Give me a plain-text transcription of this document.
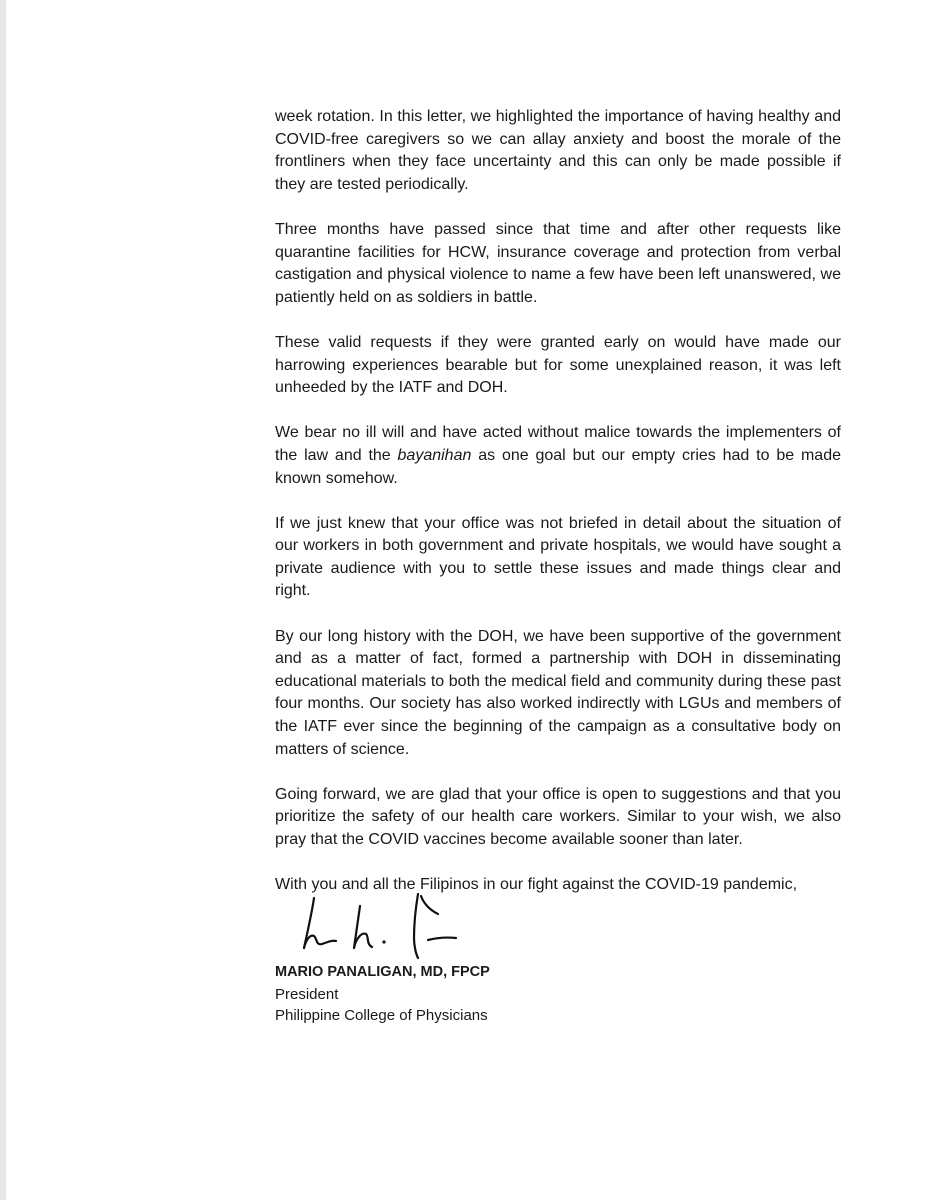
week rotation. In this letter, we highlighted the importance of having healthy and COVID-free caregivers so we can allay anxiety and boost the morale of the frontliners when they face uncertainty and this can only be made possible if they are tested periodically.

Three months have passed since that time and after other requests like quarantine facilities for HCW, insurance coverage and protection from verbal castigation and physical violence to name a few have been left unanswered, we patiently held on as soldiers in battle.

These valid requests if they were granted early on would have made our harrowing experiences bearable but for some unexplained reason, it was left unheeded by the IATF and DOH.

We bear no ill will and have acted without malice towards the implementers of the law and the bayanihan as one goal but our empty cries had to be made known somehow.

If we just knew that your office was not briefed in detail about the situation of our workers in both government and private hospitals, we would have sought a private audience with you to settle these issues and made things clear and right.

By our long history with the DOH, we have been supportive of the government and as a matter of fact, formed a partnership with DOH in disseminating educational materials to both the medical field and community during these past four months. Our society has also worked indirectly with LGUs and members of the IATF ever since the beginning of the campaign as a consultative body on matters of science.

Going forward, we are glad that your office is open to suggestions and that you prioritize the safety of our health care workers. Similar to your wish, we also pray that the COVID vaccines become available sooner than later.

With you and all the Filipinos in our fight against the COVID-19 pandemic,

MARIO PANALIGAN, MD, FPCP
President
Philippine College of Physicians
